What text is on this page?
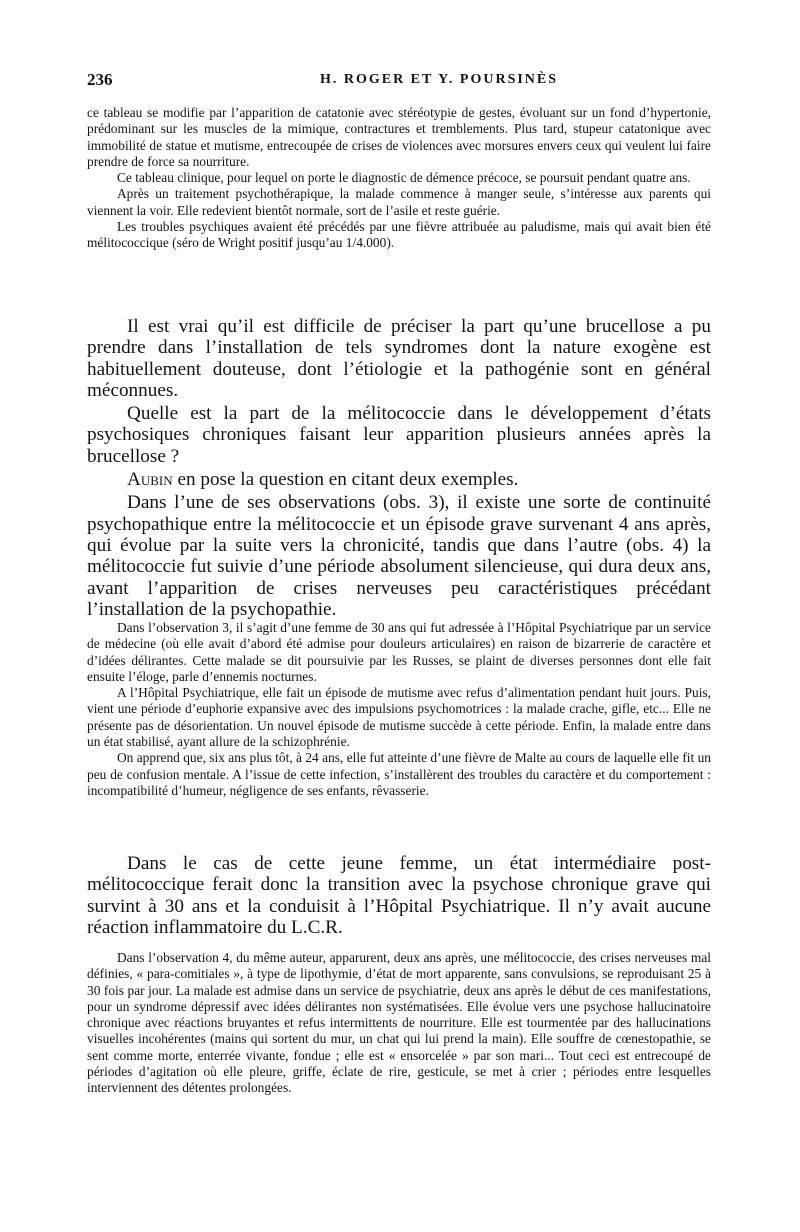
236	H. ROGER ET Y. POURSINÈS

ce tableau se modifie par l’apparition de catatonie avec stéréotypie de gestes, évoluant sur un fond d’hypertonie, prédominant sur les muscles de la mimique, contractures et tremblements. Plus tard, stupeur catatonique avec immobilité de statue et mutisme, entrecoupée de crises de violences avec morsures envers ceux qui veulent lui faire prendre de force sa nourriture.

Ce tableau clinique, pour lequel on porte le diagnostic de démence précoce, se poursuit pendant quatre ans.

Après un traitement psychothérapique, la malade commence à manger seule, s’intéresse aux parents qui viennent la voir. Elle redevient bientôt normale, sort de l’asile et reste guérie.

Les troubles psychiques avaient été précédés par une fièvre attribuée au paludisme, mais qui avait bien été mélitococcique (séro de Wright positif jusqu’au 1/4.000).

Il est vrai qu’il est difficile de préciser la part qu’une brucellose a pu prendre dans l’installation de tels syndromes dont la nature exogène est habituellement douteuse, dont l’étiologie et la pathogénie sont en général méconnues.

Quelle est la part de la mélitococcie dans le développement d’états psychosiques chroniques faisant leur apparition plusieurs années après la brucellose ?

Aubin en pose la question en citant deux exemples.

Dans l’une de ses observations (obs. 3), il existe une sorte de continuité psychopathique entre la mélitococcie et un épisode grave survenant 4 ans après, qui évolue par la suite vers la chronicité, tandis que dans l’autre (obs. 4) la mélitococcie fut suivie d’une période absolument silencieuse, qui dura deux ans, avant l’apparition de crises nerveuses peu caractéristiques précédant l’installation de la psychopathie.

Dans l’observation 3, il s’agit d’une femme de 30 ans qui fut adressée à l’Hôpital Psychiatrique par un service de médecine (où elle avait d’abord été admise pour douleurs articulaires) en raison de bizarrerie de caractère et d’idées délirantes. Cette malade se dit poursuivie par les Russes, se plaint de diverses personnes dont elle fait ensuite l’éloge, parle d’ennemis nocturnes.

A l’Hôpital Psychiatrique, elle fait un épisode de mutisme avec refus d’alimentation pendant huit jours. Puis, vient une période d’euphorie expansive avec des impulsions psychomotrices : la malade crache, gifle, etc... Elle ne présente pas de désorientation. Un nouvel épisode de mutisme succède à cette période. Enfin, la malade entre dans un état stabilisé, ayant allure de la schizophrénie.

On apprend que, six ans plus tôt, à 24 ans, elle fut atteinte d’une fièvre de Malte au cours de laquelle elle fit un peu de confusion mentale. A l’issue de cette infection, s’installèrent des troubles du caractère et du comportement : incompatibilité d’humeur, négligence de ses enfants, rêvasserie.

Dans le cas de cette jeune femme, un état intermédiaire post-mélitococcique ferait donc la transition avec la psychose chronique grave qui survint à 30 ans et la conduisit à l’Hôpital Psychiatrique. Il n’y avait aucune réaction inflammatoire du L.C.R.

Dans l’observation 4, du même auteur, apparurent, deux ans après, une mélitococcie, des crises nerveuses mal définies, « para-comitiales », à type de lipothymie, d’état de mort apparente, sans convulsions, se reproduisant 25 à 30 fois par jour. La malade est admise dans un service de psychiatrie, deux ans après le début de ces manifestations, pour un syndrome dépressif avec idées délirantes non systématisées. Elle évolue vers une psychose hallucinatoire chronique avec réactions bruyantes et refus intermittents de nourriture. Elle est tourmentée par des hallucinations visuelles incohérentes (mains qui sortent du mur, un chat qui lui prend la main). Elle souffre de cœnestopathie, se sent comme morte, enterrée vivante, fondue ; elle est « ensorcelée » par son mari... Tout ceci est entrecoupé de périodes d’agitation où elle pleure, griffe, éclate de rire, gesticule, se met à crier ; périodes entre lesquelles interviennent des détentes prolongées.
